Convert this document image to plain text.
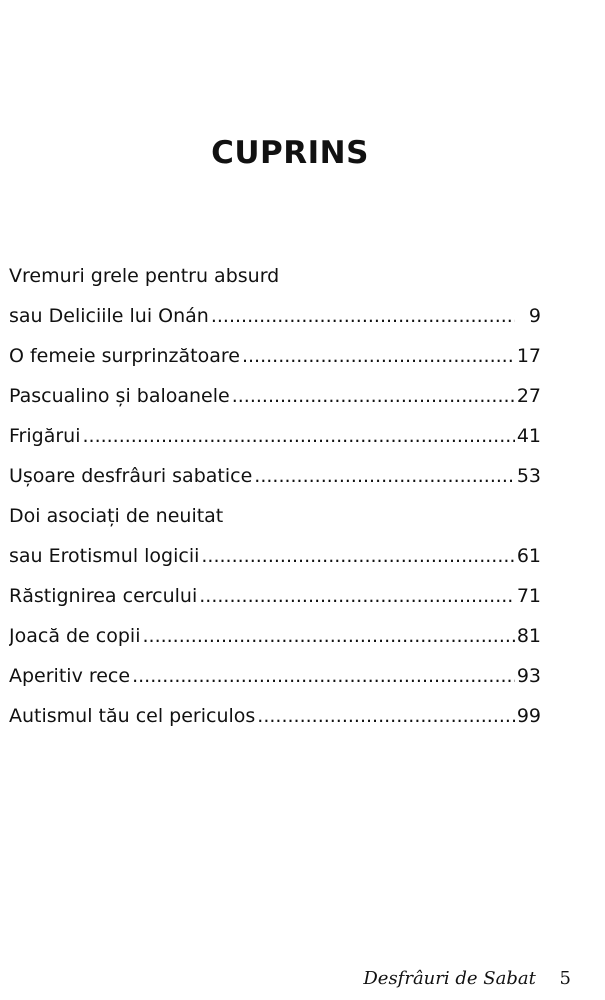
CUPRINS
Vremuri grele pentru absurd
sau Deliciile lui Onán .....	9
O femeie surprinzătoare .....	17
Pascualino și baloanele .....	27
Frigărui .....	41
Ușoare desfrâuri sabatice .....	53
Doi asociați de neuitat
sau Erotismul logicii .....	61
Răstignirea cercului .....	71
Joacă de copii .....	81
Aperitiv rece .....	93
Autismul tău cel periculos .....	99
Desfrâuri de Sabat 5
